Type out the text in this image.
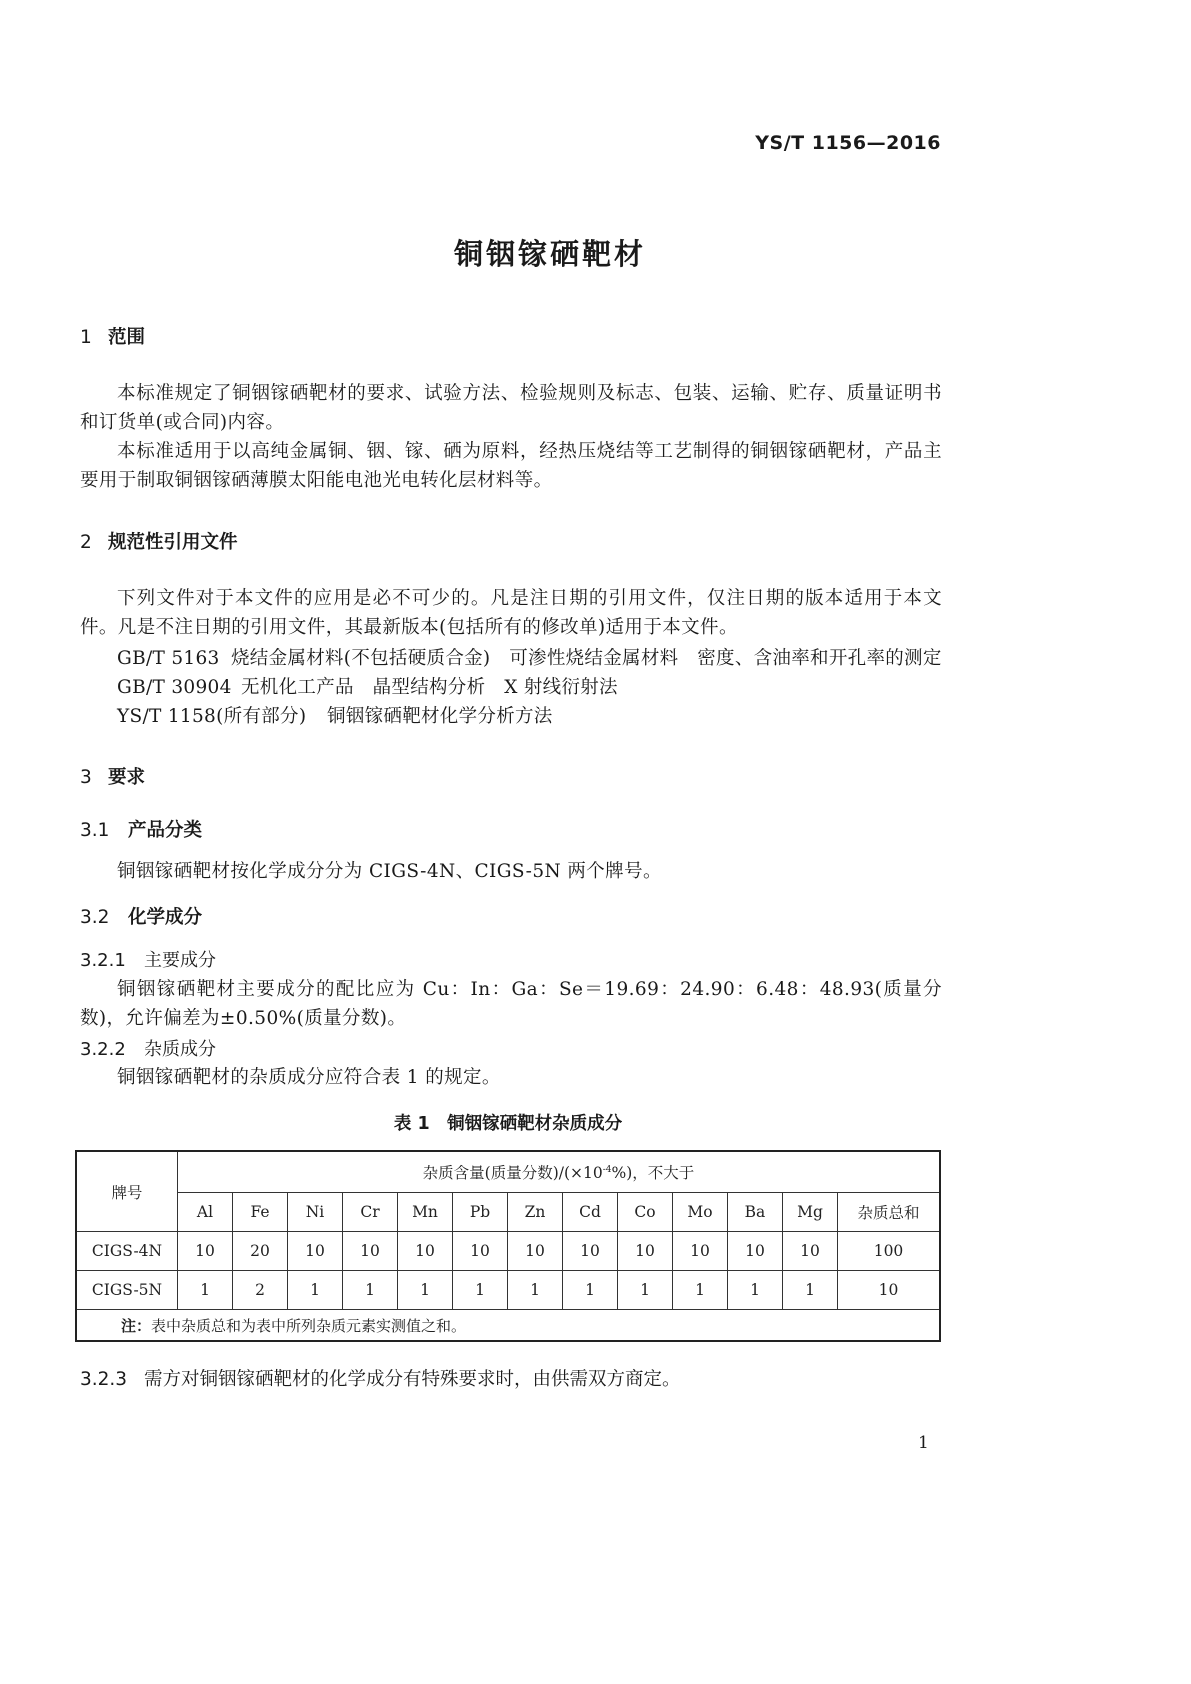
YS/T 1156—2016
铜铟镓硒靶材
1 范围
本标准规定了铜铟镓硒靶材的要求、试验方法、检验规则及标志、包装、运输、贮存、质量证明书和订货单(或合同)内容。
本标准适用于以高纯金属铜、铟、镓、硒为原料，经热压烧结等工艺制得的铜铟镓硒靶材，产品主要用于制取铜铟镓硒薄膜太阳能电池光电转化层材料等。
2 规范性引用文件
下列文件对于本文件的应用是必不可少的。凡是注日期的引用文件，仅注日期的版本适用于本文件。凡是不注日期的引用文件，其最新版本(包括所有的修改单)适用于本文件。
GB/T 5163 烧结金属材料(不包括硬质合金)　可渗性烧结金属材料　密度、含油率和开孔率的测定
GB/T 30904 无机化工产品　晶型结构分析　X 射线衍射法
YS/T 1158(所有部分) 铜铟镓硒靶材化学分析方法
3 要求
3.1 产品分类
铜铟镓硒靶材按化学成分分为 CIGS-4N、CIGS-5N 两个牌号。
3.2 化学成分
3.2.1 主要成分
铜铟镓硒靶材主要成分的配比应为 Cu：In：Ga：Se＝19.69：24.90：6.48：48.93(质量分数)，允许偏差为±0.50%(质量分数)。
3.2.2 杂质成分
铜铟镓硒靶材的杂质成分应符合表 1 的规定。
表 1　铜铟镓硒靶材杂质成分
牌号	杂质含量(质量分数)$/(\times 10^{-4}\%)$，不大于												
	Al	Fe	Ni	Cr	Mn	Pb	Zn	Cd	Co	Mo	Ba	Mg	杂质总和
CIGS-4N	10	20	10	10	10	10	10	10	10	10	10	10	100
CIGS-5N	1	2	1	1	1	1	1	1	1	1	1	1	10
注：表中杂质总和为表中所列杂质元素实测值之和。													
3.2.3 需方对铜铟镓硒靶材的化学成分有特殊要求时，由供需双方商定。
1
